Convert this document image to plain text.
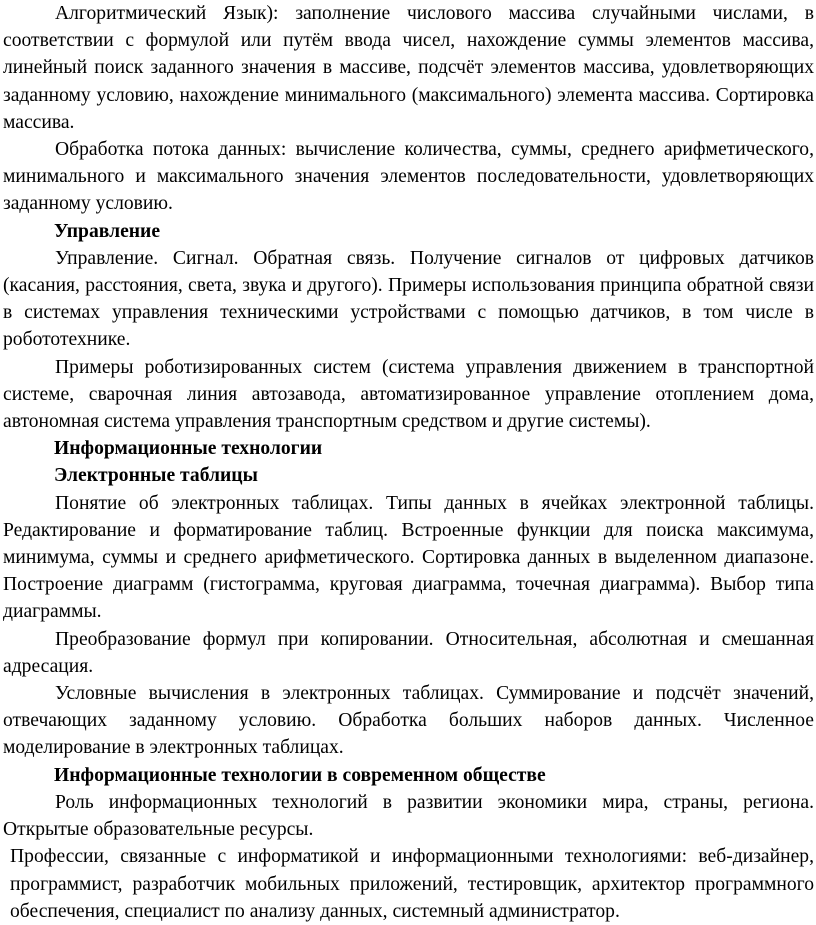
Алгоритмический Язык): заполнение числового массива случайными числами, в соответствии с формулой или путём ввода чисел, нахождение суммы элементов массива, линейный поиск заданного значения в массиве, подсчёт элементов массива, удовлетворяющих заданному условию, нахождение минимального (максимального) элемента массива. Сортировка массива.

Обработка потока данных: вычисление количества, суммы, среднего арифметического, минимального и максимального значения элементов последовательности, удовлетворяющих заданному условию.

Управление

Управление. Сигнал. Обратная связь. Получение сигналов от цифровых датчиков (касания, расстояния, света, звука и другого). Примеры использования принципа обратной связи в системах управления техническими устройствами с помощью датчиков, в том числе в робототехнике.

Примеры роботизированных систем (система управления движением в транспортной системе, сварочная линия автозавода, автоматизированное управление отоплением дома, автономная система управления транспортным средством и другие системы).

Информационные технологии

Электронные таблицы

Понятие об электронных таблицах. Типы данных в ячейках электронной таблицы. Редактирование и форматирование таблиц. Встроенные функции для поиска максимума, минимума, суммы и среднего арифметического. Сортировка данных в выделенном диапазоне. Построение диаграмм (гистограмма, круговая диаграмма, точечная диаграмма). Выбор типа диаграммы.

Преобразование формул при копировании. Относительная, абсолютная и смешанная адресация.

Условные вычисления в электронных таблицах. Суммирование и подсчёт значений, отвечающих заданному условию. Обработка больших наборов данных. Численное моделирование в электронных таблицах.

Информационные технологии в современном обществе

Роль информационных технологий в развитии экономики мира, страны, региона. Открытые образовательные ресурсы.

Профессии, связанные с информатикой и информационными технологиями: веб-дизайнер, программист, разработчик мобильных приложений, тестировщик, архитектор программного обеспечения, специалист по анализу данных, системный администратор.
